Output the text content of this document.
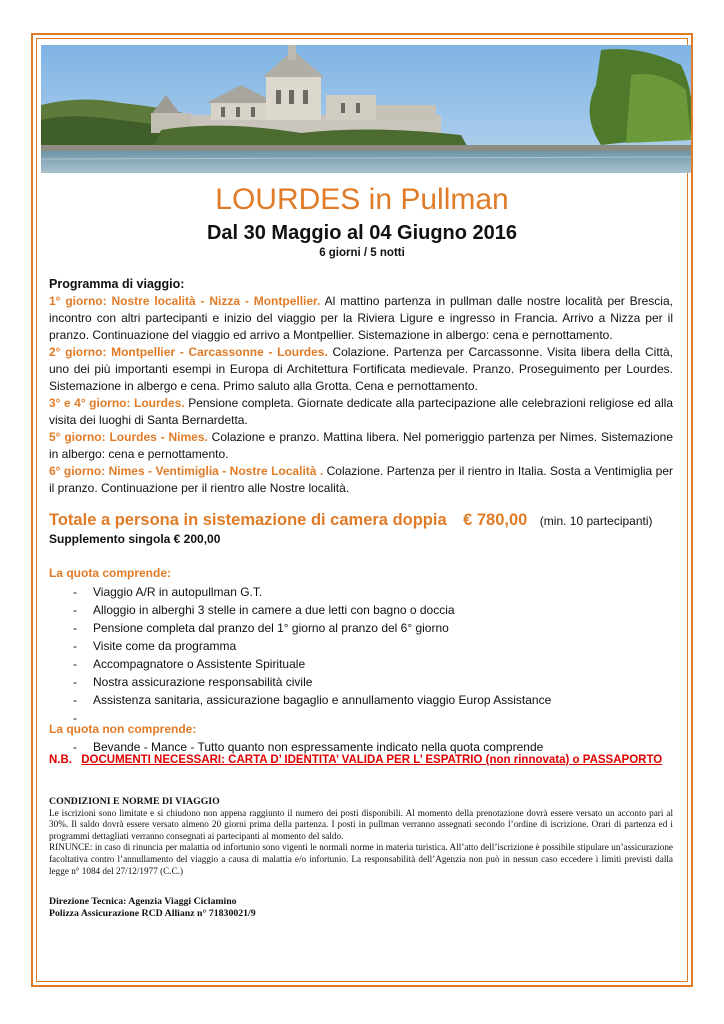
LOURDES in Pullman
Dal 30 Maggio al 04 Giugno 2016
6 giorni / 5 notti
Programma di viaggio:
1° giorno: Nostre località - Nizza - Montpellier. Al mattino partenza in pullman dalle nostre località per Brescia, incontro con altri partecipanti e inizio del viaggio per la Riviera Ligure e ingresso in Francia. Arrivo a Nizza per il pranzo. Continuazione del viaggio ed arrivo a Montpellier. Sistemazione in albergo: cena e pernottamento.
2° giorno: Montpellier - Carcassonne - Lourdes. Colazione. Partenza per Carcassonne. Visita libera della Città, uno dei più importanti esempi in Europa di Architettura Fortificata medievale. Pranzo. Proseguimento per Lourdes. Sistemazione in albergo e cena. Primo saluto alla Grotta. Cena e pernottamento.
3° e 4° giorno: Lourdes. Pensione completa. Giornate dedicate alla partecipazione alle celebrazioni religiose ed alla visita dei luoghi di Santa Bernardetta.
5° giorno: Lourdes - Nimes. Colazione e pranzo. Mattina libera. Nel pomeriggio partenza per Nimes. Sistemazione in albergo: cena e pernottamento.
6° giorno: Nimes - Ventimiglia - Nostre Località . Colazione. Partenza per il rientro in Italia. Sosta a Ventimiglia per il pranzo. Continuazione per il rientro alle Nostre località.
Totale a persona in sistemazione di camera doppia € 780,00 (min. 10 partecipanti)
Supplemento singola € 200,00
La quota comprende:
- Viaggio A/R in autopullman G.T.
- Alloggio in alberghi 3 stelle in camere a due letti con bagno o doccia
- Pensione completa dal pranzo del 1° giorno al pranzo del 6° giorno
- Visite come da programma
- Accompagnatore o Assistente Spirituale
- Nostra assicurazione responsabilità civile
- Assistenza sanitaria, assicurazione bagaglio e annullamento viaggio Europ Assistance
-
La quota non comprende:
- Bevande - Mance - Tutto quanto non espressamente indicato nella quota comprende
N.B. DOCUMENTI NECESSARI: CARTA D’ IDENTITA’ VALIDA PER L’ ESPATRIO (non rinnovata) o PASSAPORTO
CONDIZIONI E NORME DI VIAGGIO
Le iscrizioni sono limitate e si chiudono non appena raggiunto il numero dei posti disponibili. Al momento della prenotazione dovrà essere versato un acconto pari al 30%. Il saldo dovrà essere versato almeno 20 giorni prima della partenza. I posti in pullman verranno assegnati secondo l’ordine di iscrizione. Orari di partenza ed i programmi dettagliati verranno consegnati ai partecipanti al momento del saldo.
RINUNCE: in caso di rinuncia per malattia od infortunio sono vigenti le normali norme in materia turistica. All’atto dell’iscrizione è possibile stipulare un’assicurazione facoltativa contro l’annullamento del viaggio a causa di malattia e/o infortunio. La responsabilità dell’Agenzia non può in nessun caso eccedere i limiti previsti dalla legge n° 1084 del 27/12/1977 (C.C.)
Direzione Tecnica: Agenzia Viaggi Ciclamino
Polizza Assicurazione RCD Allianz n° 71830021/9
